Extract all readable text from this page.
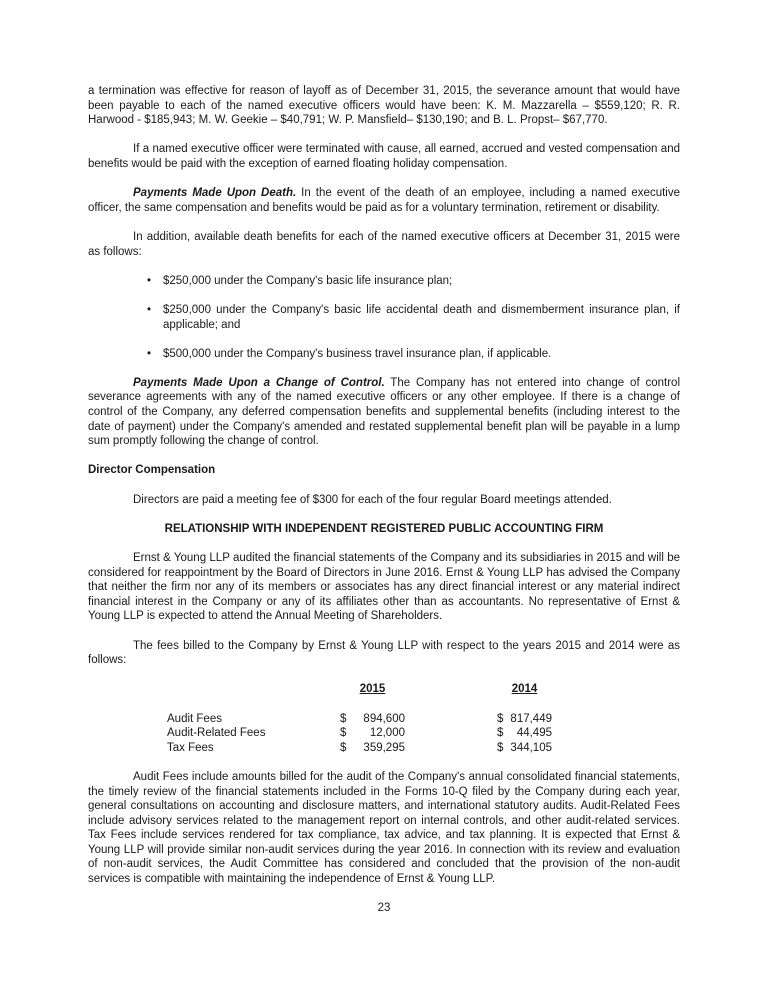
a termination was effective for reason of layoff as of December 31, 2015, the severance amount that would have been payable to each of the named executive officers would have been: K. M. Mazzarella – $559,120; R. R. Harwood - $185,943; M. W. Geekie – $40,791; W. P. Mansfield– $130,190; and B. L. Propst– $67,770.

If a named executive officer were terminated with cause, all earned, accrued and vested compensation and benefits would be paid with the exception of earned floating holiday compensation.

Payments Made Upon Death. In the event of the death of an employee, including a named executive officer, the same compensation and benefits would be paid as for a voluntary termination, retirement or disability.

In addition, available death benefits for each of the named executive officers at December 31, 2015 were as follows:

•	$250,000 under the Company's basic life insurance plan;
•	$250,000 under the Company's basic life accidental death and dismemberment insurance plan, if applicable; and
•	$500,000 under the Company's business travel insurance plan, if applicable.

Payments Made Upon a Change of Control. The Company has not entered into change of control severance agreements with any of the named executive officers or any other employee. If there is a change of control of the Company, any deferred compensation benefits and supplemental benefits (including interest to the date of payment) under the Company's amended and restated supplemental benefit plan will be payable in a lump sum promptly following the change of control.

Director Compensation

Directors are paid a meeting fee of $300 for each of the four regular Board meetings attended.

RELATIONSHIP WITH INDEPENDENT REGISTERED PUBLIC ACCOUNTING FIRM

Ernst & Young LLP audited the financial statements of the Company and its subsidiaries in 2015 and will be considered for reappointment by the Board of Directors in June 2016. Ernst & Young LLP has advised the Company that neither the firm nor any of its members or associates has any direct financial interest or any material indirect financial interest in the Company or any of its affiliates other than as accountants. No representative of Ernst & Young LLP is expected to attend the Annual Meeting of Shareholders.

The fees billed to the Company by Ernst & Young LLP with respect to the years 2015 and 2014 were as follows:

2015	2014
Audit Fees	$ 894,600	$ 817,449
Audit-Related Fees	$ 12,000	$ 44,495
Tax Fees	$ 359,295	$ 344,105

Audit Fees include amounts billed for the audit of the Company's annual consolidated financial statements, the timely review of the financial statements included in the Forms 10-Q filed by the Company during each year, general consultations on accounting and disclosure matters, and international statutory audits. Audit-Related Fees include advisory services related to the management report on internal controls, and other audit-related services. Tax Fees include services rendered for tax compliance, tax advice, and tax planning. It is expected that Ernst & Young LLP will provide similar non-audit services during the year 2016. In connection with its review and evaluation of non-audit services, the Audit Committee has considered and concluded that the provision of the non-audit services is compatible with maintaining the independence of Ernst & Young LLP.

23
